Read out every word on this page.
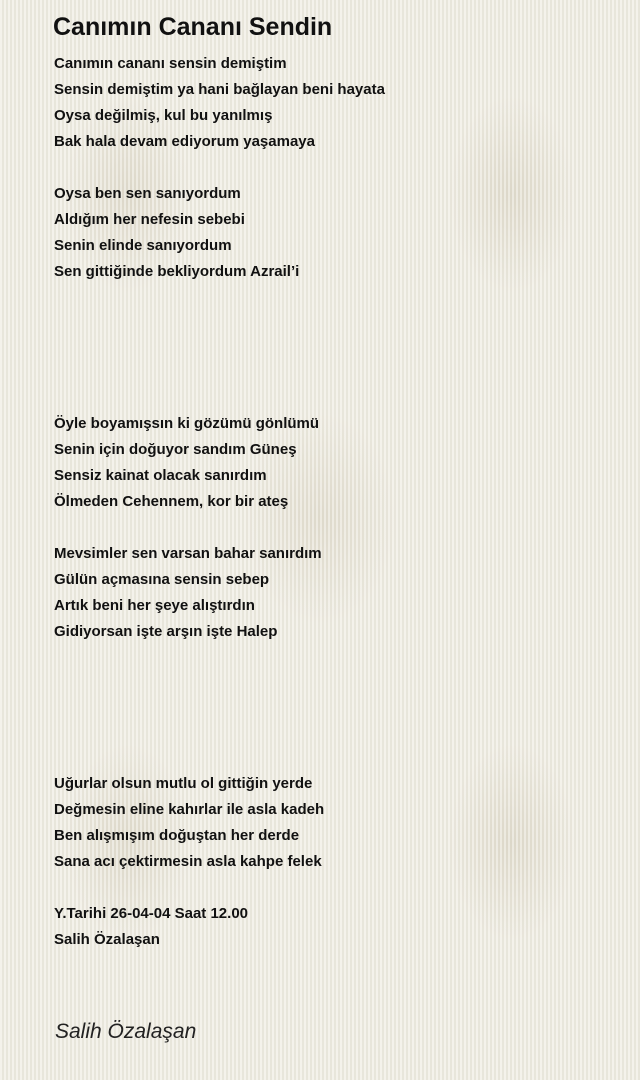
Canımın Cananı Sendin
Canımın cananı sensin demiştim
Sensin demiştim ya hani bağlayan beni hayata
Oysa değilmiş, kul bu yanılmış
Bak hala devam ediyorum yaşamaya
Oysa ben sen sanıyordum
Aldığım her nefesin sebebi
Senin elinde sanıyordum
Sen gittiğinde bekliyordum Azrail’i
Öyle boyamışsın ki gözümü gönlümü
Senin için doğuyor sandım Güneş
Sensiz kainat olacak sanırdım
Ölmeden Cehennem, kor bir ateş
Mevsimler sen varsan bahar sanırdım
Gülün açmasına sensin sebep
Artık beni her şeye alıştırdın
Gidiyorsan işte arşın işte Halep
Uğurlar olsun mutlu ol gittiğin yerde
Değmesin eline kahırlar ile asla kadeh
Ben alışmışım doğuştan her derde
Sana acı çektirmesin asla kahpe felek
Y.Tarihi 26-04-04 Saat 12.00
Salih Özalaşan
Salih Özalaşan
